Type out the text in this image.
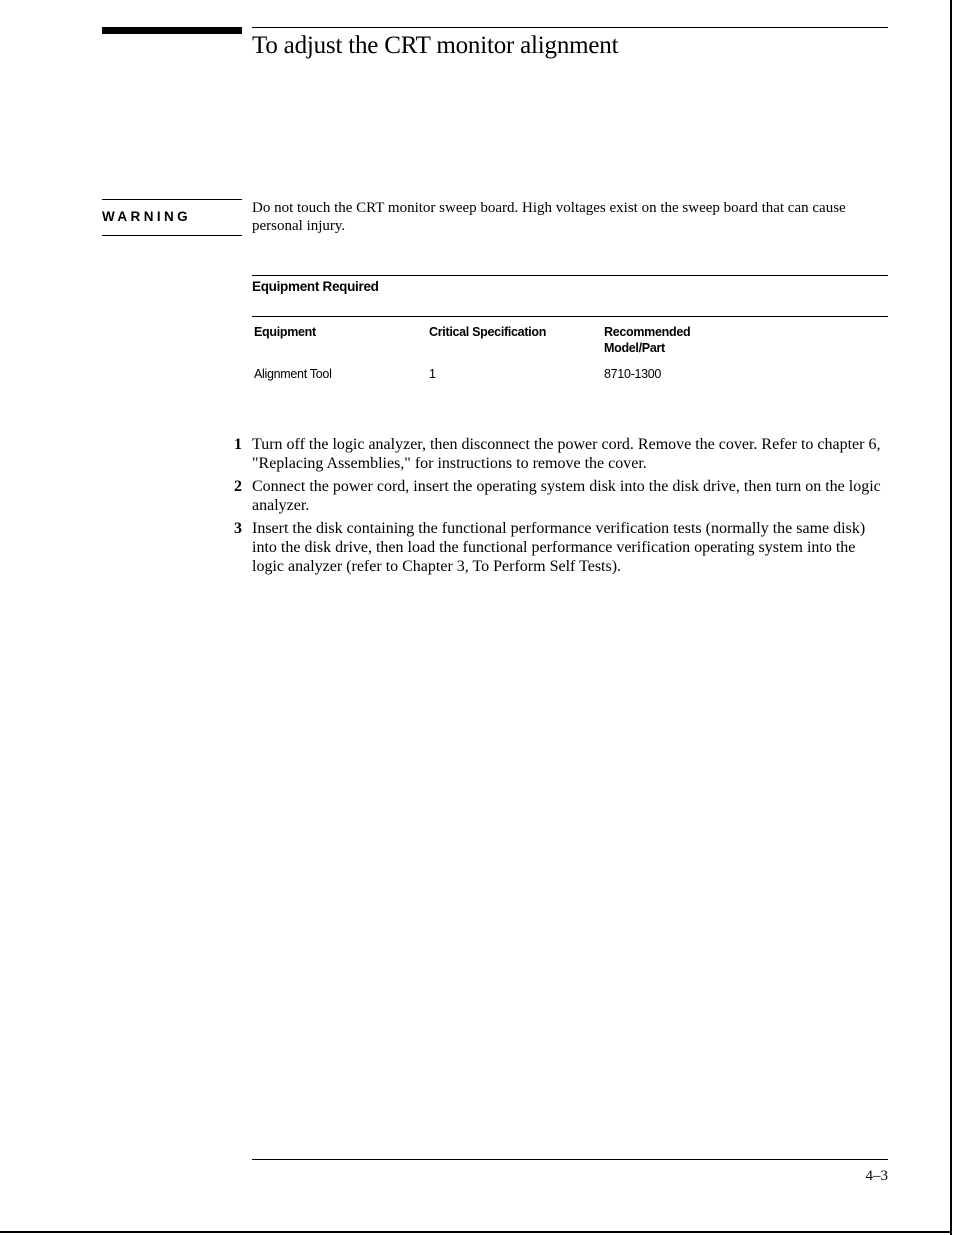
To adjust the CRT monitor alignment
WARNING
Do not touch the CRT monitor sweep board. High voltages exist on the sweep board that can cause personal injury.
Equipment Required
Equipment	Critical Specification	Recommended Model/Part
Alignment Tool	1	8710-1300
1 Turn off the logic analyzer, then disconnect the power cord. Remove the cover. Refer to chapter 6, "Replacing Assemblies," for instructions to remove the cover.
2 Connect the power cord, insert the operating system disk into the disk drive, then turn on the logic analyzer.
3 Insert the disk containing the functional performance verification tests (normally the same disk) into the disk drive, then load the functional performance verification operating system into the logic analyzer (refer to Chapter 3, To Perform Self Tests).
4–3
